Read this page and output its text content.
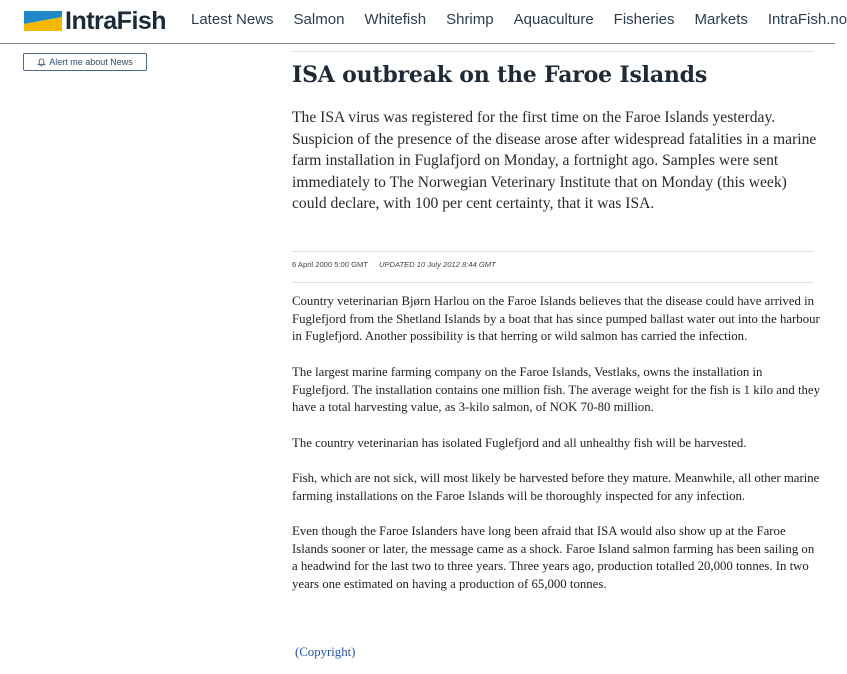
IntraFish Latest News Salmon Whitefish Shrimp Aquaculture Fisheries Markets IntraFish.no
Alert me about News	ISA outbreak on the Faroe Islands

The ISA virus was registered for the first time on the Faroe Islands yesterday. Suspicion of the presence of the disease arose after widespread fatalities in a marine farm installation in Fuglafjord on Monday, a fortnight ago. Samples were sent immediately to The Norwegian Veterinary Institute that on Monday (this week) could declare, with 100 per cent certainty, that it was ISA.

6 April 2000 5:00 GMT UPDATED 10 July 2012 8:44 GMT

Country veterinarian Bjørn Harlou on the Faroe Islands believes that the disease could have arrived in Fuglefjord from the Shetland Islands by a boat that has since pumped ballast water out into the harbour in Fuglefjord. Another possibility is that herring or wild salmon has carried the infection.

The largest marine farming company on the Faroe Islands, Vestlaks, owns the installation in Fuglefjord. The installation contains one million fish. The average weight for the fish is 1 kilo and they have a total harvesting value, as 3-kilo salmon, of NOK 70-80 million.

The country veterinarian has isolated Fuglefjord and all unhealthy fish will be harvested.

Fish, which are not sick, will most likely be harvested before they mature. Meanwhile, all other marine farming installations on the Faroe Islands will be thoroughly inspected for any infection.

Even though the Faroe Islanders have long been afraid that ISA would also show up at the Faroe Islands sooner or later, the message came as a shock. Faroe Island salmon farming has been sailing on a headwind for the last two to three years. Three years ago, production totalled 20,000 tonnes. In two years one estimated on having a production of 65,000 tonnes.

(Copyright)
